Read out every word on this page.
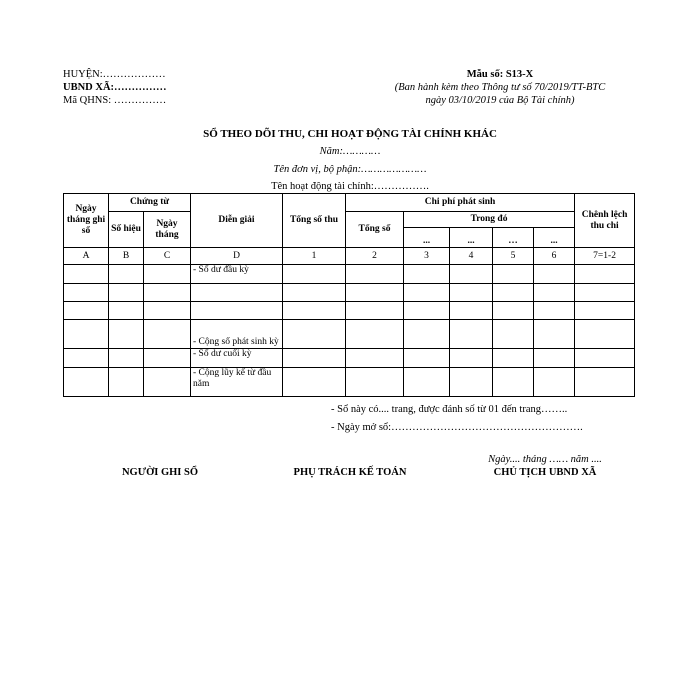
HUYỆN:………………
UBND XÃ:……………
Mã QHNS: ……………
Mẫu số: S13-X
(Ban hành kèm theo Thông tư số 70/2019/TT-BTC
ngày 03/10/2019 của Bộ Tài chính)
SỔ THEO DÕI THU, CHI HOẠT ĐỘNG TÀI CHÍNH KHÁC
Năm:…………
Tên đơn vị, bộ phận:…………………
Tên hoạt động tài chính:…………….
Ngày tháng ghi sổ	Chứng từ		Diễn giải	Tổng số thu	Chi phí phát sinh					Chênh lệch thu chi
	Số hiệu	Ngày tháng			Tổng số	Trong đó				
						...	...	…	...	
A	B	C	D	1	2	3	4	5	6	7=1-2
			- Số dư đầu kỳ							

			- Cộng số phát sinh kỳ							
			- Số dư cuối kỳ							
			- Cộng lũy kế từ đầu năm							
- Sổ này có.... trang, được đánh số từ 01 đến trang……..
- Ngày mở sổ:……………………………………………….
Ngày.... tháng …… năm ....
NGƯỜI GHI SỔ	PHỤ TRÁCH KẾ TOÁN	CHỦ TỊCH UBND XÃ
